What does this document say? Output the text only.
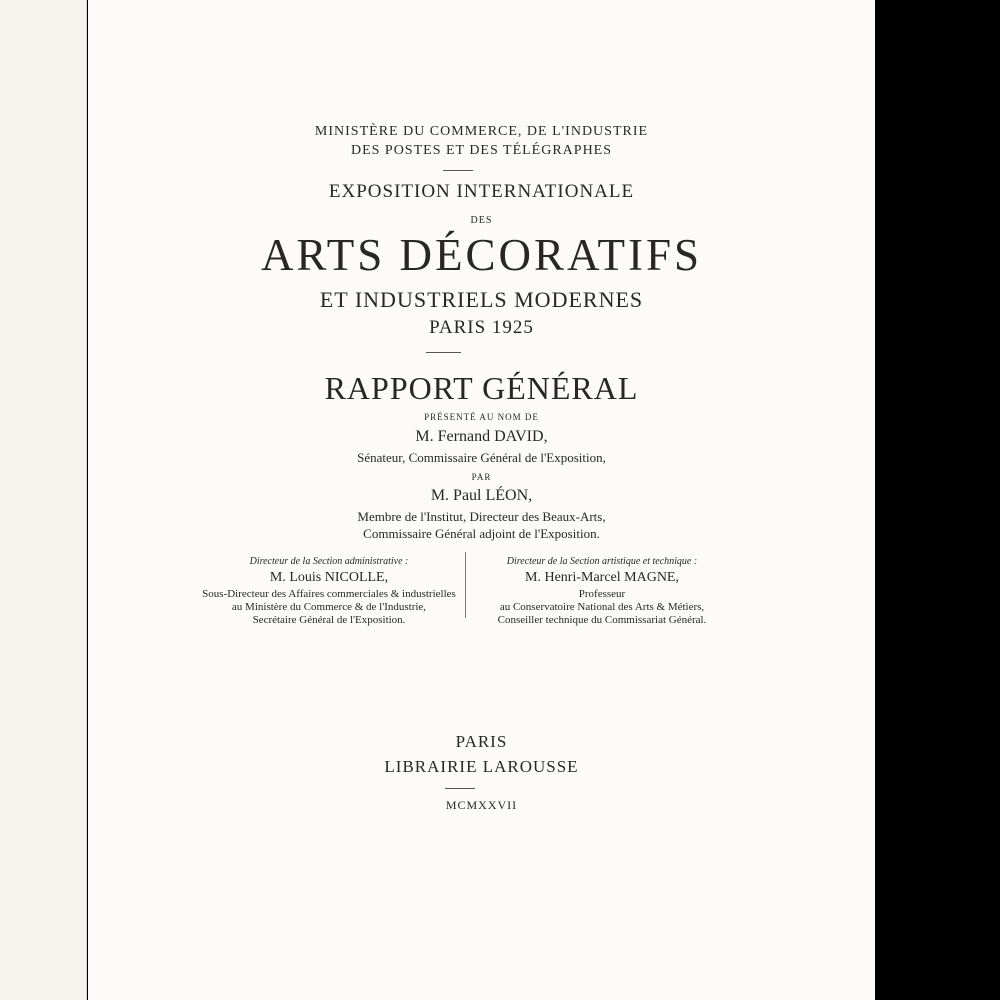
MINISTÈRE DU COMMERCE, DE L'INDUSTRIE
DES POSTES ET DES TÉLÉGRAPHES
EXPOSITION INTERNATIONALE
DES
ARTS DÉCORATIFS
ET INDUSTRIELS MODERNES
PARIS 1925
RAPPORT GÉNÉRAL
PRÉSENTÉ AU NOM DE
M. Fernand DAVID,
Sénateur, Commissaire Général de l'Exposition,
PAR
M. Paul LÉON,
Membre de l'Institut, Directeur des Beaux-Arts,
Commissaire Général adjoint de l'Exposition.
Directeur de la Section administrative :
M. Louis NICOLLE,
Sous-Directeur des Affaires commerciales & industrielles
au Ministère du Commerce & de l'Industrie,
Secrétaire Général de l'Exposition.
Directeur de la Section artistique et technique :
M. Henri-Marcel MAGNE,
Professeur
au Conservatoire National des Arts & Métiers,
Conseiller technique du Commissariat Général.
PARIS
LIBRAIRIE LAROUSSE
MCMXXVII
